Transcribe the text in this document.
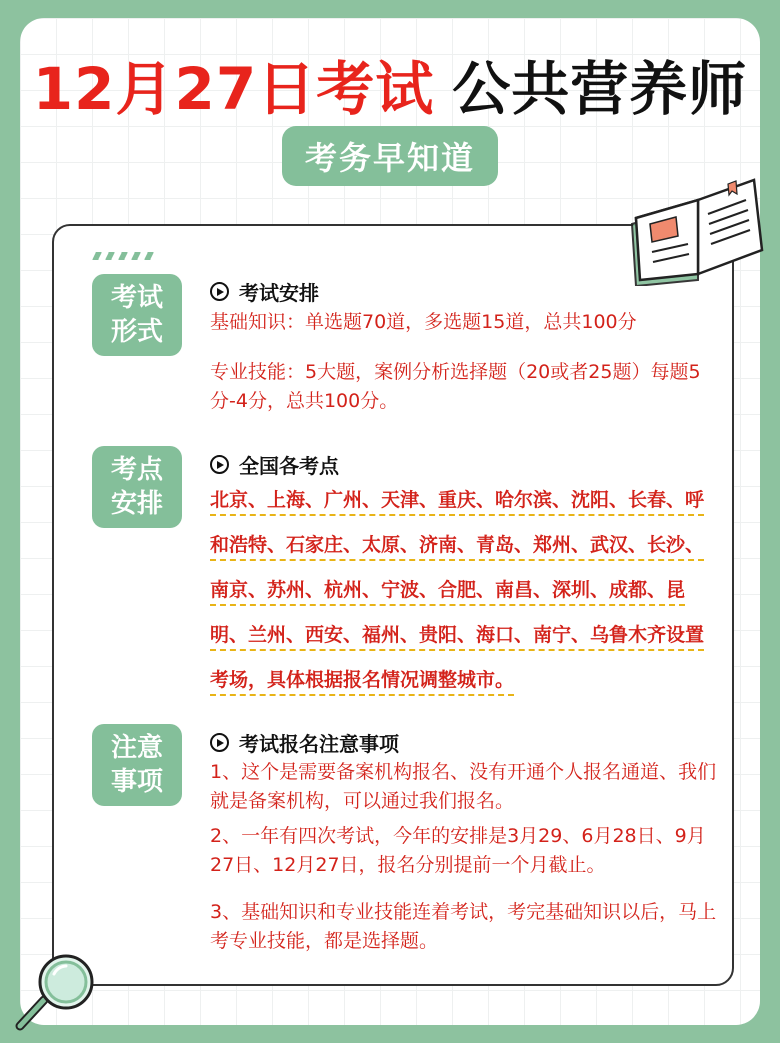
12月27日考试 公共营养师
考务早知道
考试
形式
考试安排

基础知识：单选题70道，多选题15道，总共100分

专业技能：5大题，案例分析选择题（20或者25题）每题5分-4分，总共100分。

考点
安排
全国各考点

北京、上海、广州、天津、重庆、哈尔滨、沈阳、长春、呼和浩特、石家庄、太原、济南、青岛、郑州、武汉、长沙、南京、苏州、杭州、宁波、合肥、南昌、深圳、成都、昆明、兰州、西安、福州、贵阳、海口、南宁、乌鲁木齐设置考场，具体根据报名情况调整城市。

注意
事项
考试报名注意事项

1、这个是需要备案机构报名、没有开通个人报名通道、我们就是备案机构，可以通过我们报名。

2、一年有四次考试，今年的安排是3月29、6月28日、9月27日、12月27日，报名分别提前一个月截止。

3、基础知识和专业技能连着考试，考完基础知识以后，马上考专业技能，都是选择题。
